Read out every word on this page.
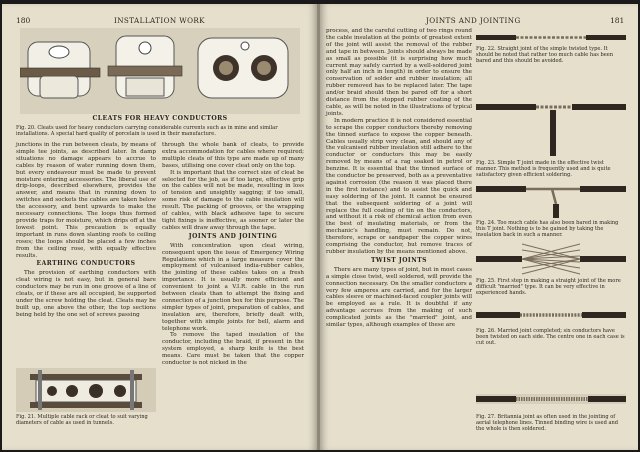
180	INSTALLATION WORK
CLEATS FOR HEAVY CONDUCTORS
Fig. 20. Cleats used for heavy conductors carrying considerable currents such as in mine and similar installations. A special hard quality of porcelain is used in their manufacture.

junctions in the run between cleats, by means of simple tee joints, as described later. In damp situations no damage appears to accrue to cables by reason of water running down them, but every endeavour must be made to prevent moisture entering accessories. The liberal use of drip-loops, described elsewhere, provides the answer, and means that in running down to switches and sockets the cables are taken below the accessory, and bent upwards to make the necessary connections. The loops thus formed provide traps for moisture, which drips off at the lowest point. This precaution is equally important in runs down slanting roofs to ceiling roses; the loops should be placed a few inches from the ceiling rose, with equally effective results.

EARTHING CONDUCTORS

The provision of earthing conductors with cleat wiring is not easy, but in general bare conductors may be run in one groove of a line of cleats, or if these are all occupied, be supported under the screw holding the cleat. Cleats may be built up, one above the other, the top sections being held by the one set of screws passing

Fig. 21. Multiple cable rack or cleat to suit varying diameters of cable as used in tunnels.

through the whole bank of cleats, to provide extra accommodation for cables where required; multiple cleats of this type are made up of many bases, utilising one cover cleat only on the top.

It is important that the correct size of cleat be selected for the job, as if too large, effective grip on the cables will not be made, resulting in loss of tension and unsightly sagging; if too small, some risk of damage to the cable insulation will result. The packing of grooves, or the wrapping of cables, with black adhesive tape to secure tight fixings is ineffective, as sooner or later the cables will draw away through the tape.

JOINTS AND JOINTING

With concentration upon cleat wiring, consequent upon the issue of Emergency Wiring Regulations which in a large measure cover the employment of vulcanised india-rubber cables, the jointing of these cables takes on a fresh importance. It is usually more efficient and convenient to joint a V.I.R. cable in the run between cleats than to attempt the fixing and connection of a junction box for this purpose. The simpler types of joint, preparation of cables, and insulation are, therefore, briefly dealt with, together with simple joints for bell, alarm and telephone work.

To remove the taped insulation of the conductor, including the braid, if present in the system employed, a sharp knife is the best means. Care must be taken that the copper conductor is not nicked in the

JOINTS AND JOINTING	181

process, and the careful cutting of two rings round the cable insulation at the points of greatest extent of the joint will assist the removal of the rubber and tape in between. Joints should always be made as small as possible (it is surprising how much current may safely carried by a well-soldered joint only half an inch in length) in order to ensure the conservation of solder and rubber insulation; all rubber removed has to be replaced later. The tape and/or braid should then be pared off for a short distance from the stopped rubber coating of the cable, as will be noted in the illustrations of typical joints.

In modern practice it is not considered essential to scrape the copper conductors thereby removing the tinned surface to expose the copper beneath. Cables usually strip very clean, and should any of the vulcanised rubber insulation still adhere to the conductor or conductors this may be easily removed by means of a rag soaked in petrol or benzine. It is essential that the tinned surface of the conductor be preserved, both as a preventative against corrosion (the reason it was placed there in the first instance) and to assist the quick and easy soldering of the joint. It cannot be ensured that the subsequent soldering of a joint will replace the full coating of tin on the conductors, and without it a risk of chemical action from even the best of insulating materials, or from the mechanic's handling, must remain. Do not, therefore, scrape or sandpaper the copper wires comprising the conductor, but remove traces of rubber insulation by the means mentioned above.

TWIST JOINTS

There are many types of joint, but in most cases a simple close twist, well soldered, will provide the connection necessary. On the smaller conductors a very few amperes are carried, and for the larger cables sleeve or machined-faced coupler joints will be employed as a rule. It is doubtful if any advantage accrues from the making of such complicated joints as the "married" joint, and similar types, although examples of these are

Fig. 22. Straight joint of the simple twisted type. It should be noted that rather too much cable has been bared and this should be avoided.
Fig. 23. Simple T joint made in the effective twist manner. This method is frequently used and is quite satisfactory given efficient soldering.
Fig. 24. Too much cable has also been bared in making this T joint. Nothing is to be gained by taking the insulation back in such a manner.
Fig. 25. First step in making a straight joint of the more difficult "married" type. It can be very effective in experienced hands.
Fig. 26. Married joint completed; six conductors have been twisted on each side. The centre one in each case is cut out.
Fig. 27. Britannia joint as often used in the jointing of aerial telephone lines. Tinned binding wire is used and the whole is then soldered.
